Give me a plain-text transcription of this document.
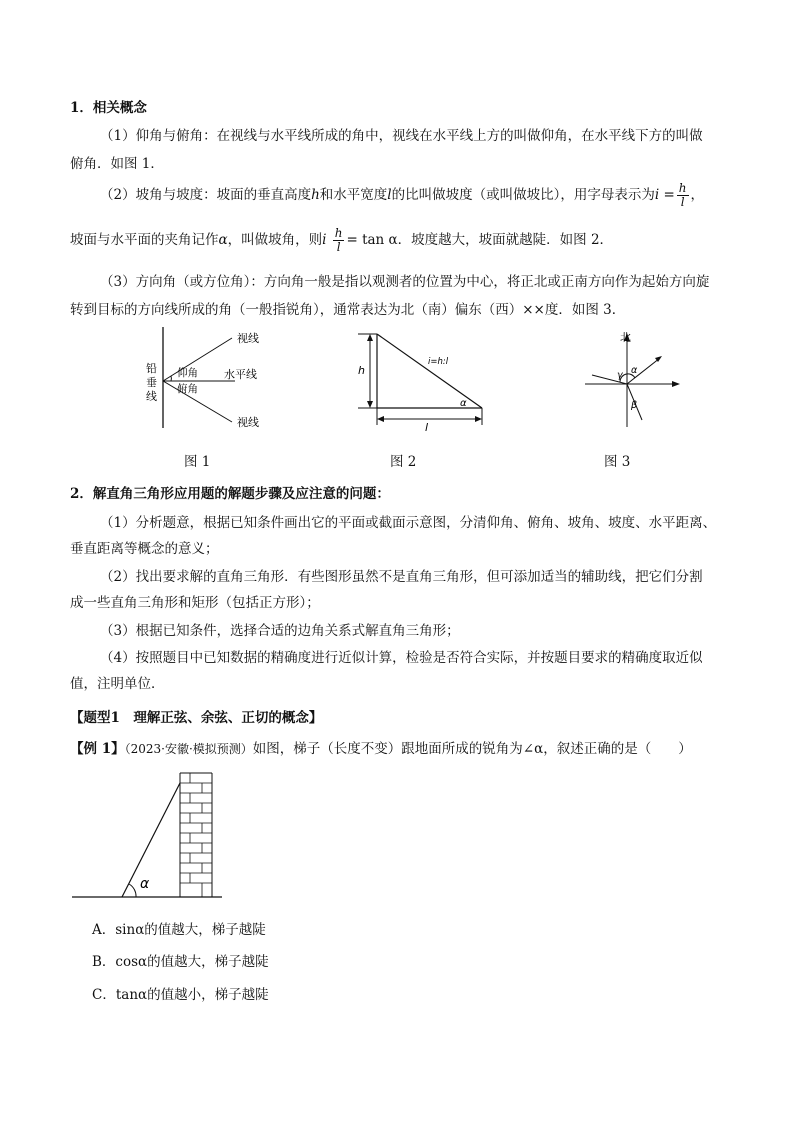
1．相关概念
（1）仰角与俯角：在视线与水平线所成的角中，视线在水平线上方的叫做仰角，在水平线下方的叫做
俯角．如图 1．
（2）坡角与坡度：坡面的垂直高度h和水平宽度l的比叫做坡度（或叫做坡比），用字母表示为$i = \frac{h}{l}$ ，
坡面与水平面的夹角记作α，叫做坡角，则i $\frac{h}{l} = \tan \alpha$．坡度越大，坡面就越陡．如图 2．
（3）方向角（或方位角）：方向角一般是指以观测者的位置为中心，将正北或正南方向作为起始方向旋
转到目标的方向线所成的角（一般指锐角），通常表达为北（南）偏东（西）××度．如图 3．
视线
视线
水平线
仰角
俯角
铅
垂
线
图 1
h
l
i=h:l
α
图 2
北
γ α
β
图 3
2．解直角三角形应用题的解题步骤及应注意的问题：
（1）分析题意，根据已知条件画出它的平面或截面示意图，分清仰角、俯角、坡角、坡度、水平距离、
垂直距离等概念的意义；
（2）找出要求解的直角三角形．有些图形虽然不是直角三角形，但可添加适当的辅助线，把它们分割
成一些直角三角形和矩形（包括正方形）；
（3）根据已知条件，选择合适的边角关系式解直角三角形；
（4）按照题目中已知数据的精确度进行近似计算，检验是否符合实际，并按题目要求的精确度取近似
值，注明单位．
【题型1　理解正弦、余弦、正切的概念】
【例 1】（2023·安徽·模拟预测）如图，梯子（长度不变）跟地面所成的锐角为∠α，叙述正确的是（　　）
α
A．sinα的值越大，梯子越陡
B．cosα的值越大，梯子越陡
C．tanα的值越小，梯子越陡
